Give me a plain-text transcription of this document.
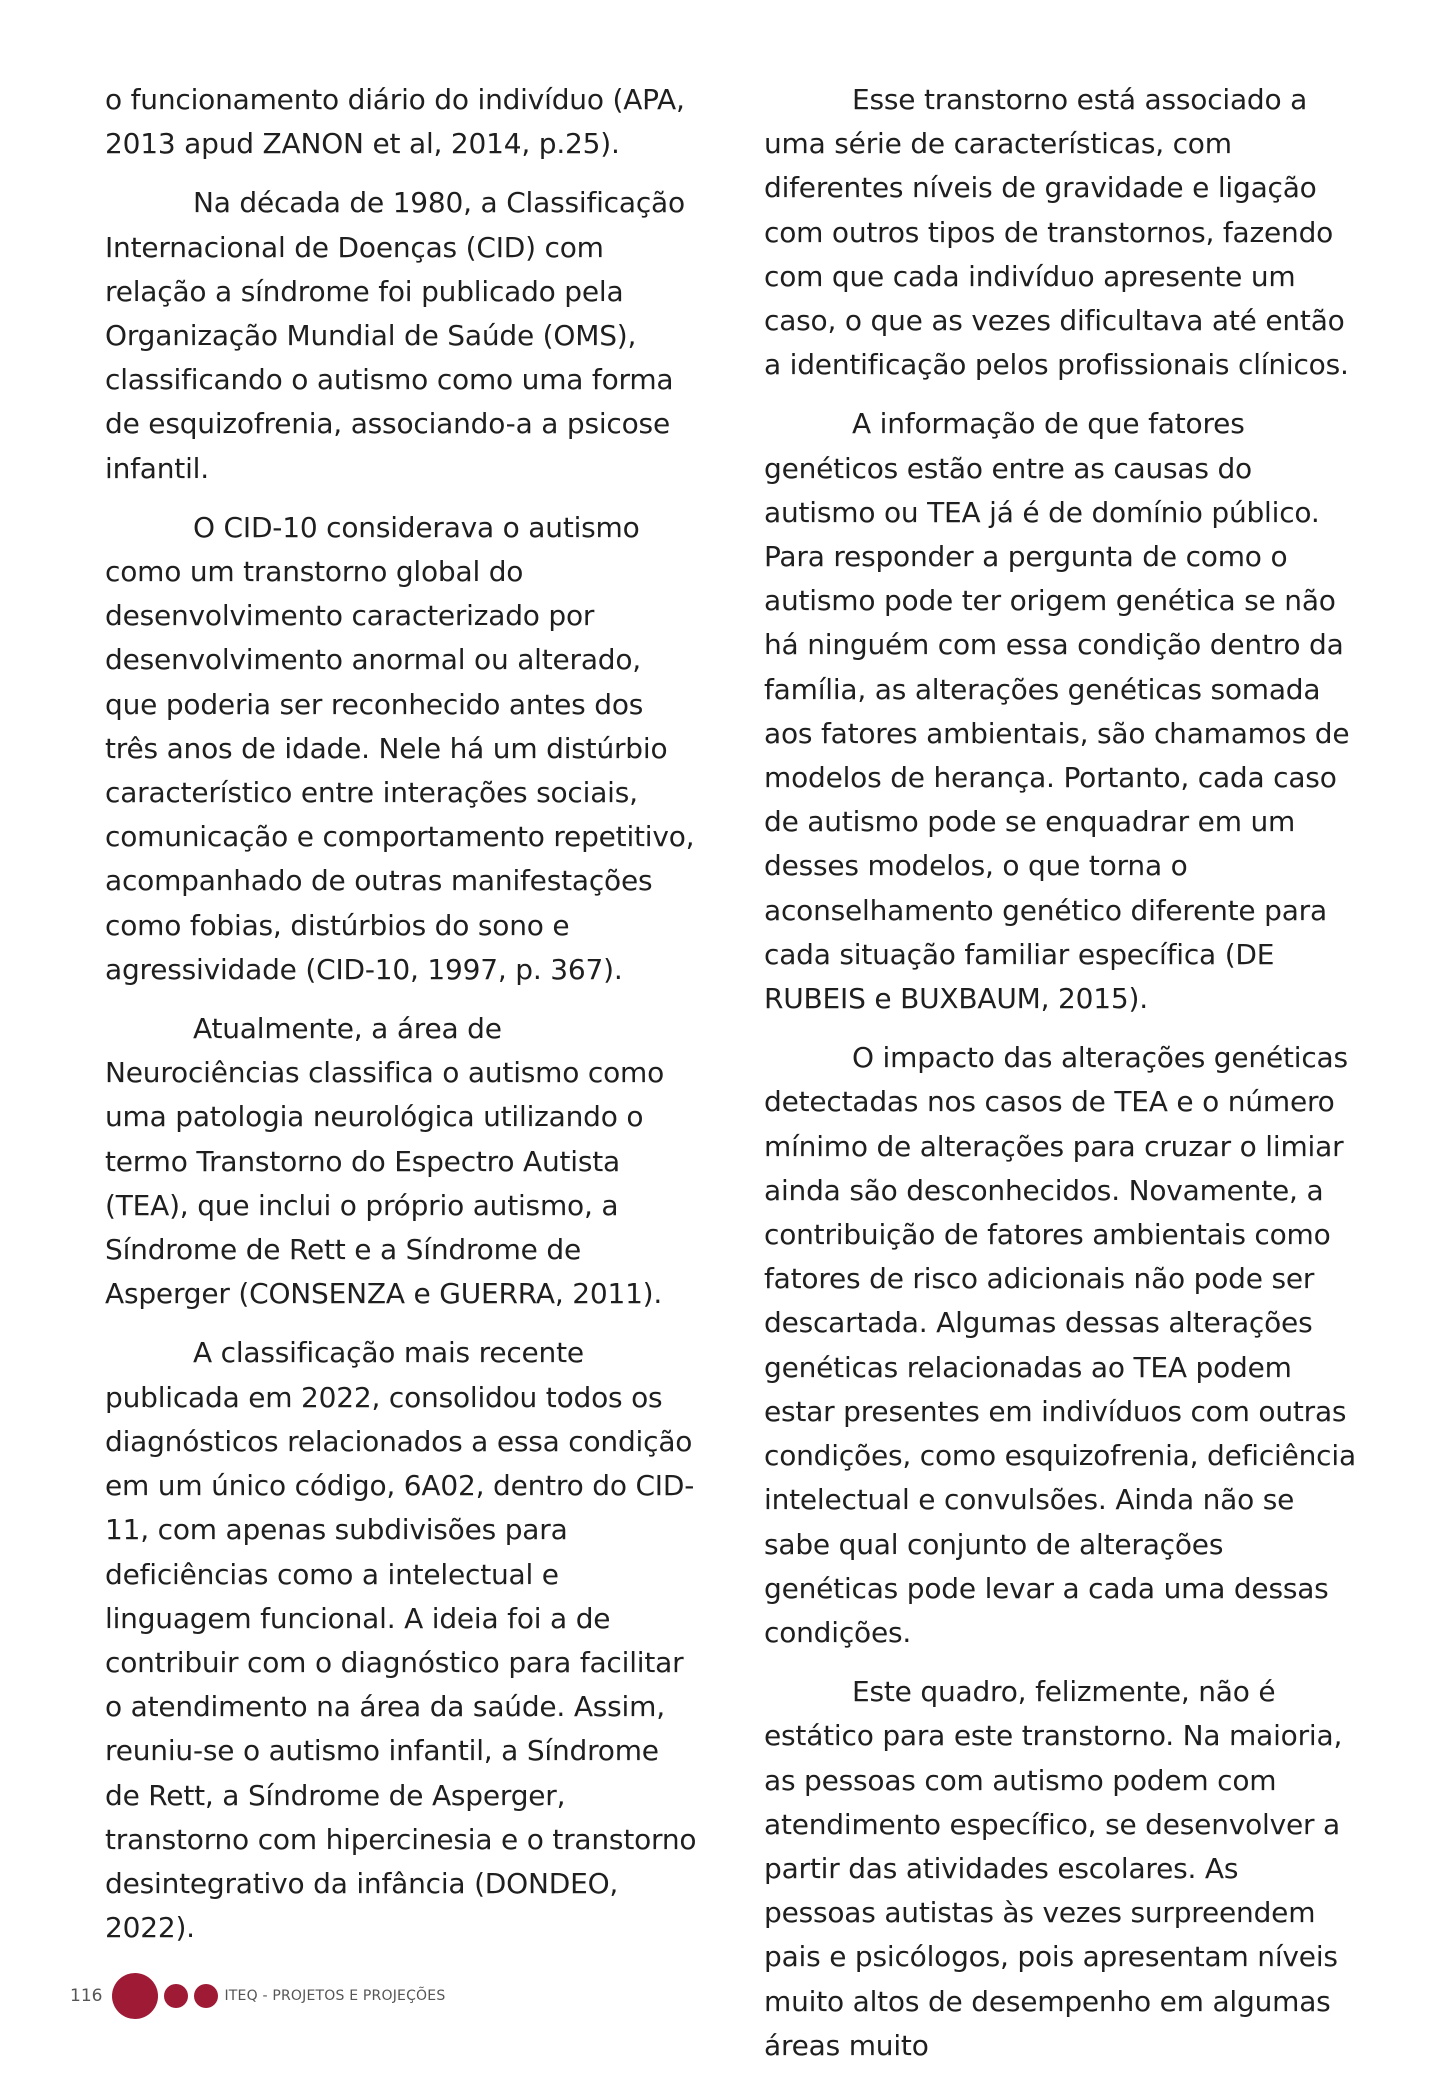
o funcionamento diário do indivíduo (APA, 2013 apud ZANON et al, 2014, p.25).

Na década de 1980, a Classificação Internacional de Doenças (CID) com relação a síndrome foi publicado pela Organização Mundial de Saúde (OMS), classificando o autismo como uma forma de esquizofrenia, associando-a a psicose infantil.

O CID-10 considerava o autismo como um transtorno global do desenvolvimento caracterizado por desenvolvimento anormal ou alterado, que poderia ser reconhecido antes dos três anos de idade. Nele há um distúrbio característico entre interações sociais, comunicação e comportamento repetitivo, acompanhado de outras manifestações como fobias, distúrbios do sono e agressividade (CID-10, 1997, p. 367).

Atualmente, a área de Neurociências classifica o autismo como uma patologia neurológica utilizando o termo Transtorno do Espectro Autista (TEA), que inclui o próprio autismo, a Síndrome de Rett e a Síndrome de Asperger (CONSENZA e GUERRA, 2011).

A classificação mais recente publicada em 2022, consolidou todos os diagnósticos relacionados a essa condição em um único código, 6A02, dentro do CID-11, com apenas subdivisões para deficiências como a intelectual e linguagem funcional. A ideia foi a de contribuir com o diagnóstico para facilitar o atendimento na área da saúde. Assim, reuniu-se o autismo infantil, a Síndrome de Rett, a Síndrome de Asperger, transtorno com hipercinesia e o transtorno desintegrativo da infância (DONDEO, 2022).

Esse transtorno está associado a uma série de características, com diferentes níveis de gravidade e ligação com outros tipos de transtornos, fazendo com que cada indivíduo apresente um caso, o que as vezes dificultava até então a identificação pelos profissionais clínicos.

A informação de que fatores genéticos estão entre as causas do autismo ou TEA já é de domínio público. Para responder a pergunta de como o autismo pode ter origem genética se não há ninguém com essa condição dentro da família, as alterações genéticas somada aos fatores ambientais, são chamamos de modelos de herança. Portanto, cada caso de autismo pode se enquadrar em um desses modelos, o que torna o aconselhamento genético diferente para cada situação familiar específica (DE RUBEIS e BUXBAUM, 2015).

O impacto das alterações genéticas detectadas nos casos de TEA e o número mínimo de alterações para cruzar o limiar ainda são desconhecidos. Novamente, a contribuição de fatores ambientais como fatores de risco adicionais não pode ser descartada. Algumas dessas alterações genéticas relacionadas ao TEA podem estar presentes em indivíduos com outras condições, como esquizofrenia, deficiência intelectual e convulsões. Ainda não se sabe qual conjunto de alterações genéticas pode levar a cada uma dessas condições.

Este quadro, felizmente, não é estático para este transtorno. Na maioria, as pessoas com autismo podem com atendimento específico, se desenvolver a partir das atividades escolares. As pessoas autistas às vezes surpreendem pais e psicólogos, pois apresentam níveis muito altos de desempenho em algumas áreas muito

116	ITEQ - PROJETOS E PROJEÇÕES
